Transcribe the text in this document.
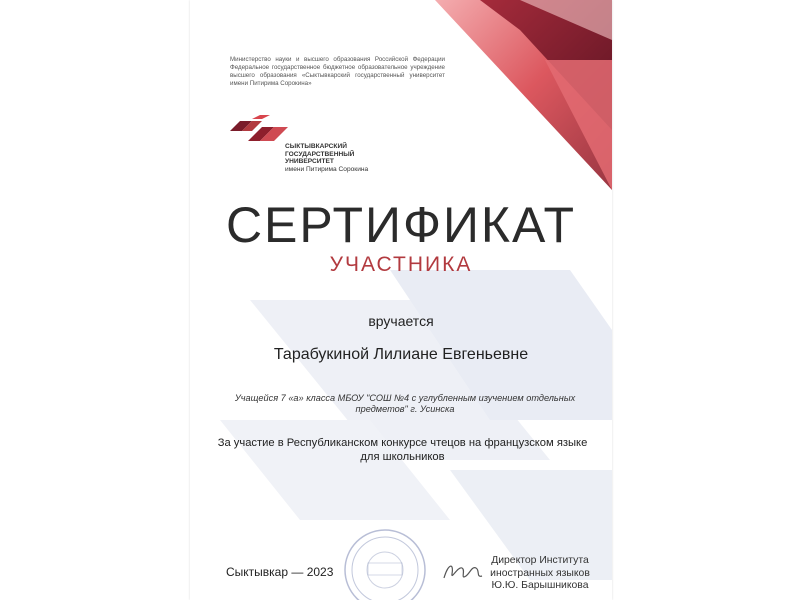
Министерство науки и высшего образования Российской Федерации Федеральное государственное бюджетное образовательное учреждение высшего образования «Сыктывкарский государственный университет имени Питирима Сорокина»
СЫКТЫВКАРСКИЙ
ГОСУДАРСТВЕННЫЙ
УНИВЕРСИТЕТ
имени Питирима Сорокина
СЕРТИФИКАТ
УЧАСТНИКА
вручается
Тарабукиной Лилиане Евгеньевне
Учащейся 7 «а» класса МБОУ "СОШ №4 с углубленным изучением отдельных предметов" г. Усинска
За участие в Республиканском конкурсе чтецов на французском языке для школьников
Сыктывкар — 2023
Директор Института
иностранных языков
Ю.Ю. Барышникова
